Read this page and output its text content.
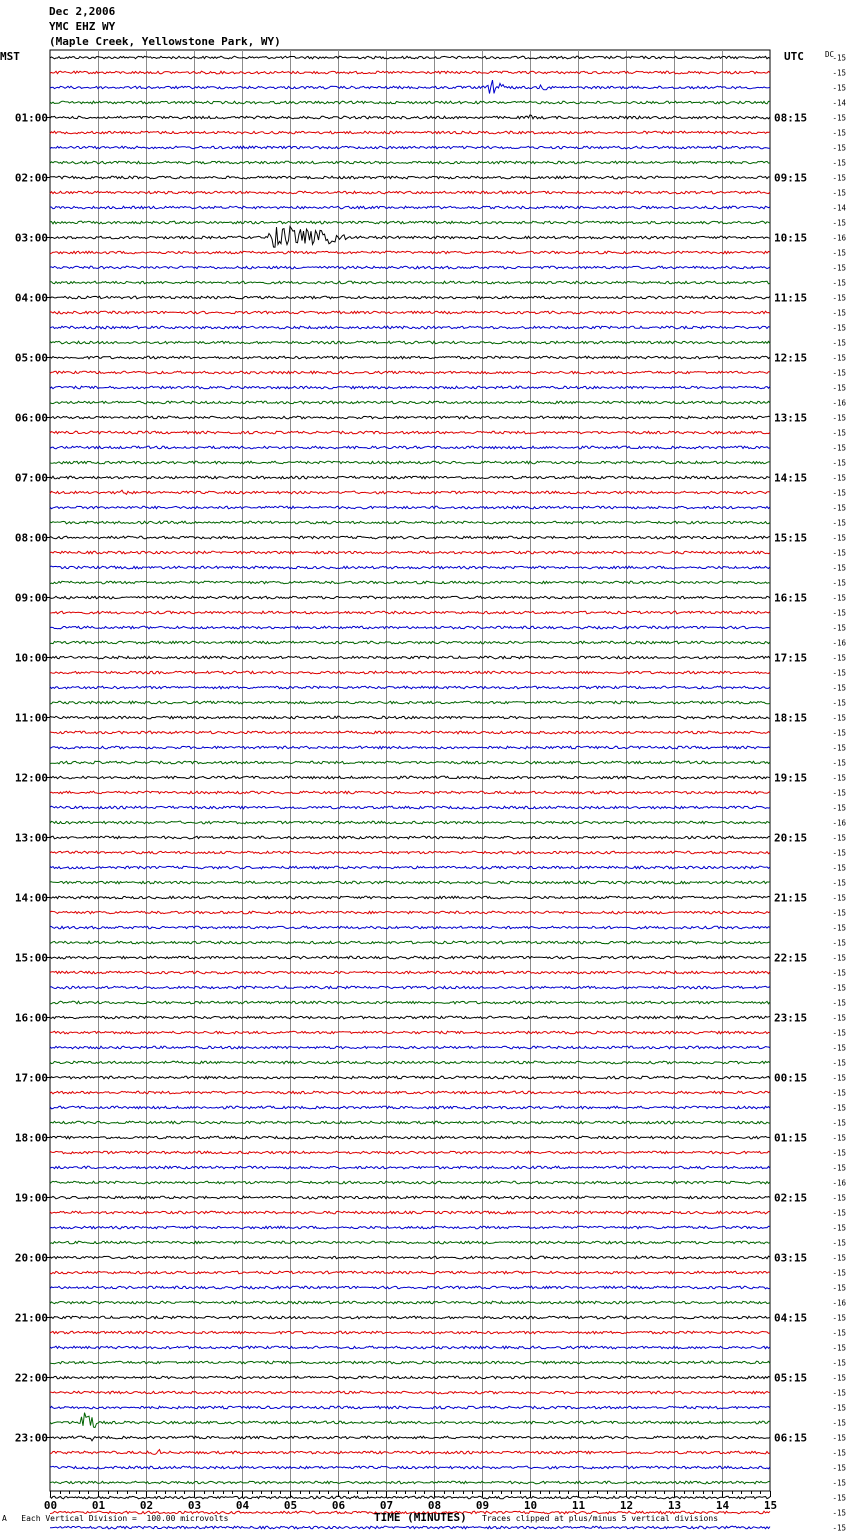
Dec 2,2006
YMC EHZ WY
(Maple Creek, Yellowstone Park, WY)
MST	UTC
00	01	02	03	04	05	06	07	08	09	10	11	12	13	14	15
-15
-15
-15
-14
-15
-15
-15
-15
-15
-15
-14
-15
-16
-15
-15
-15
-15
-15
-15
-15
-15
-15
-15
-16
-15
-15
-15
-15
-15
-15
-15
-15
-15
-15
-15
-15
-15
-15
-15
-16
-15
-15
-15
-15
-15
-15
-15
-15
-15
-15
-15
-16
-15
-15
-15
-15
-15
-15
-15
-15
-15
-15
-15
-15
-15
-15
-15
-15
-15
-15
-15
-15
-15
-15
-15
-16
-15
-15
-15
-15
-15
-15
-15
-16
-15
-15
-15
-15
-15
-15
-15
-15
-15
-15
-15
-15
-15
-15
-15
DC
01:00
02:00
03:00
04:00
05:00
06:00
07:00
08:00
09:00
10:00
11:00
12:00
13:00
14:00
15:00
16:00
17:00
18:00
19:00
20:00
21:00
22:00
23:00
08:15
09:15
10:15
11:15
12:15
13:15
14:15
15:15
16:15
17:15
18:15
19:15
20:15
21:15
22:15
23:15
00:15
01:15
02:15
03:15
04:15
05:15
06:15
A Each Vertical Division =  100.00 microvolts	TIME (MINUTES) Traces clipped at plus/minus 5 vertical divisions
